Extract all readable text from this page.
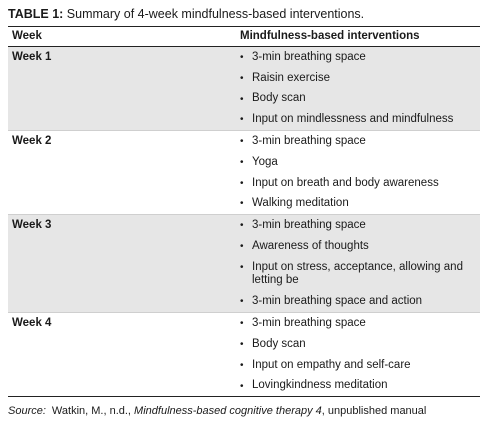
TABLE 1: Summary of 4-week mindfulness-based interventions.
Week	Mindfulness-based interventions
Week 1	• 3-min breathing space
• Raisin exercise
• Body scan
• Input on mindlessness and mindfulness
Week 2	• 3-min breathing space
• Yoga
• Input on breath and body awareness
• Walking meditation
Week 3	• 3-min breathing space
• Awareness of thoughts
• Input on stress, acceptance, allowing and letting be
• 3-min breathing space and action
Week 4	• 3-min breathing space
• Body scan
• Input on empathy and self-care
• Lovingkindness meditation
Source: Watkin, M., n.d., Mindfulness-based cognitive therapy 4, unpublished manual
